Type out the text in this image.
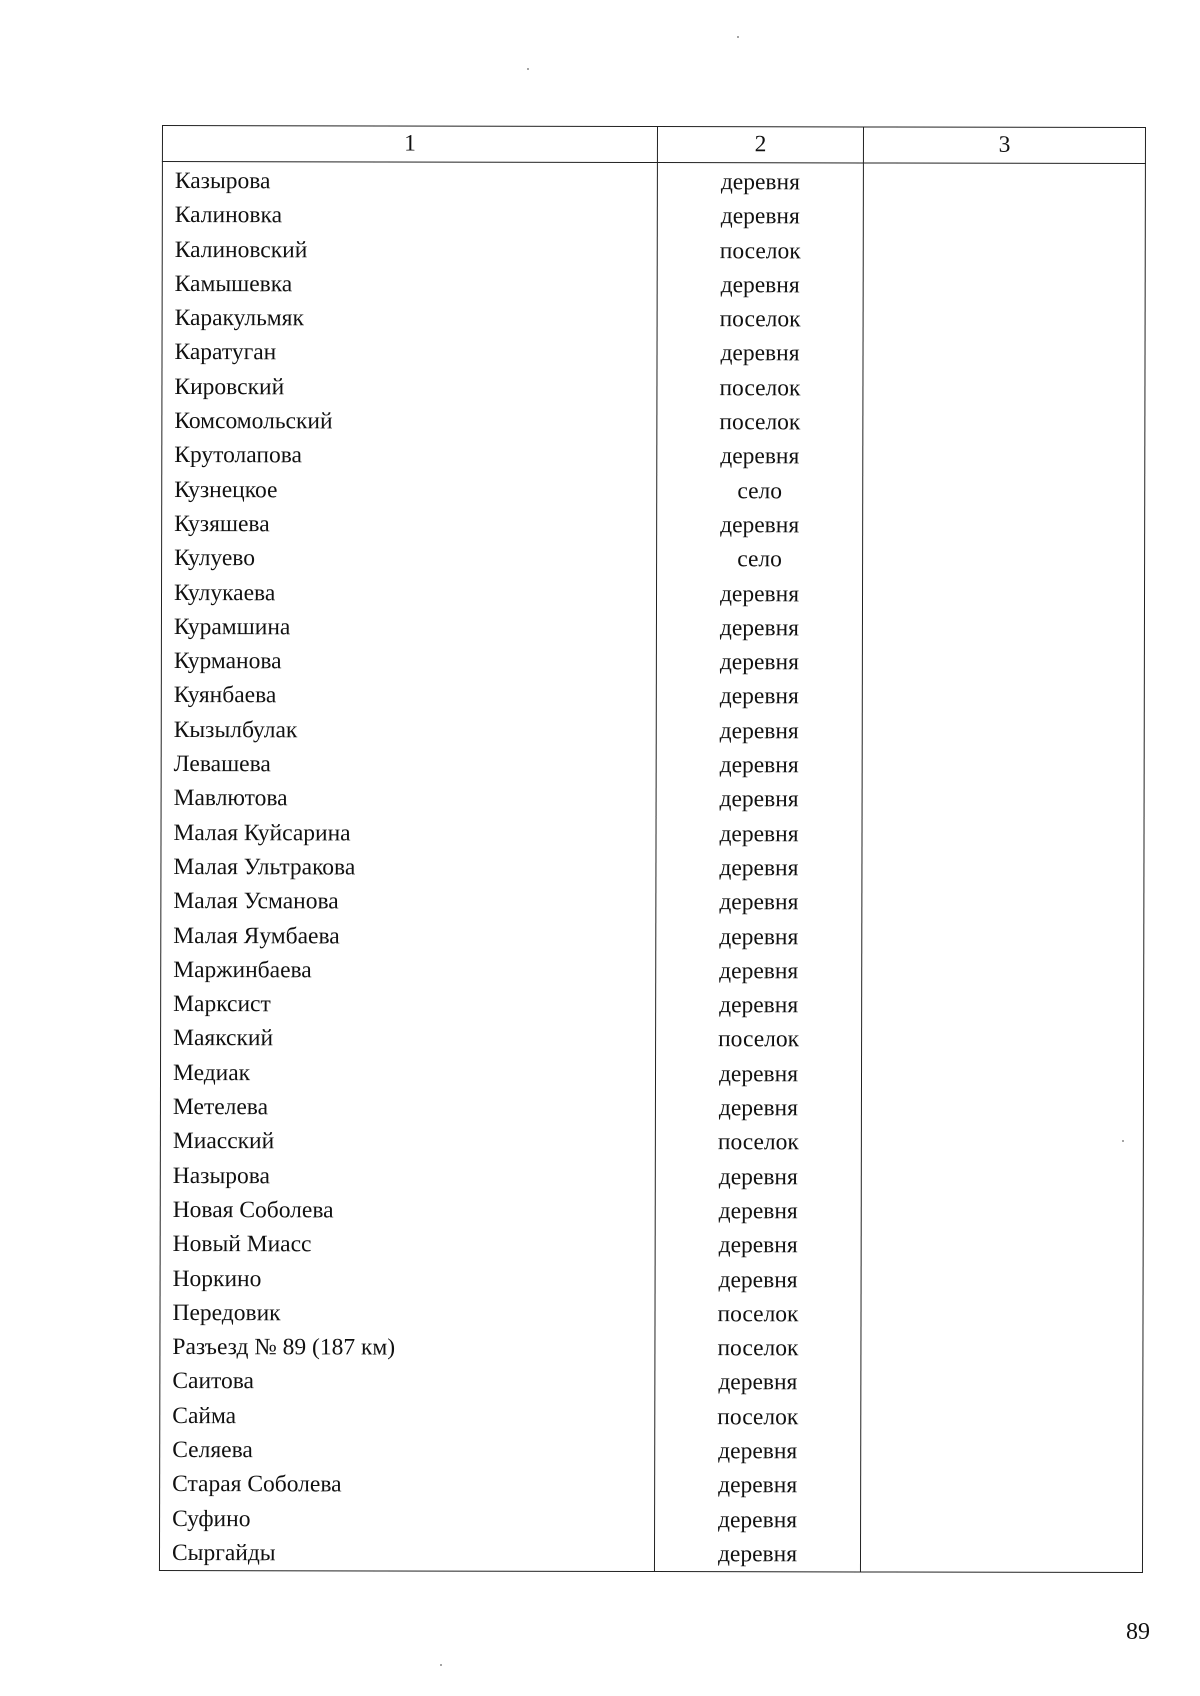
1	2	3
Казырова	деревня	
Калиновка	деревня	
Калиновский	поселок	
Камышевка	деревня	
Каракульмяк	поселок	
Каратуган	деревня	
Кировский	поселок	
Комсомольский	поселок	
Крутолапова	деревня	
Кузнецкое	село	
Кузяшева	деревня	
Кулуево	село	
Кулукаева	деревня	
Курамшина	деревня	
Курманова	деревня	
Куянбаева	деревня	
Кызылбулак	деревня	
Левашева	деревня	
Мавлютова	деревня	
Малая Куйсарина	деревня	
Малая Ультракова	деревня	
Малая Усманова	деревня	
Малая Яумбаева	деревня	
Маржинбаева	деревня	
Марксист	деревня	
Маякский	поселок	
Медиак	деревня	
Метелева	деревня	
Миасский	поселок	
Назырова	деревня	
Новая Соболева	деревня	
Новый Миасс	деревня	
Норкино	деревня	
Передовик	поселок	
Разъезд № 89 (187 км)	поселок	
Саитова	деревня	
Сайма	поселок	
Селяева	деревня	
Старая Соболева	деревня	
Суфино	деревня	
Сыргайды	деревня	
89
